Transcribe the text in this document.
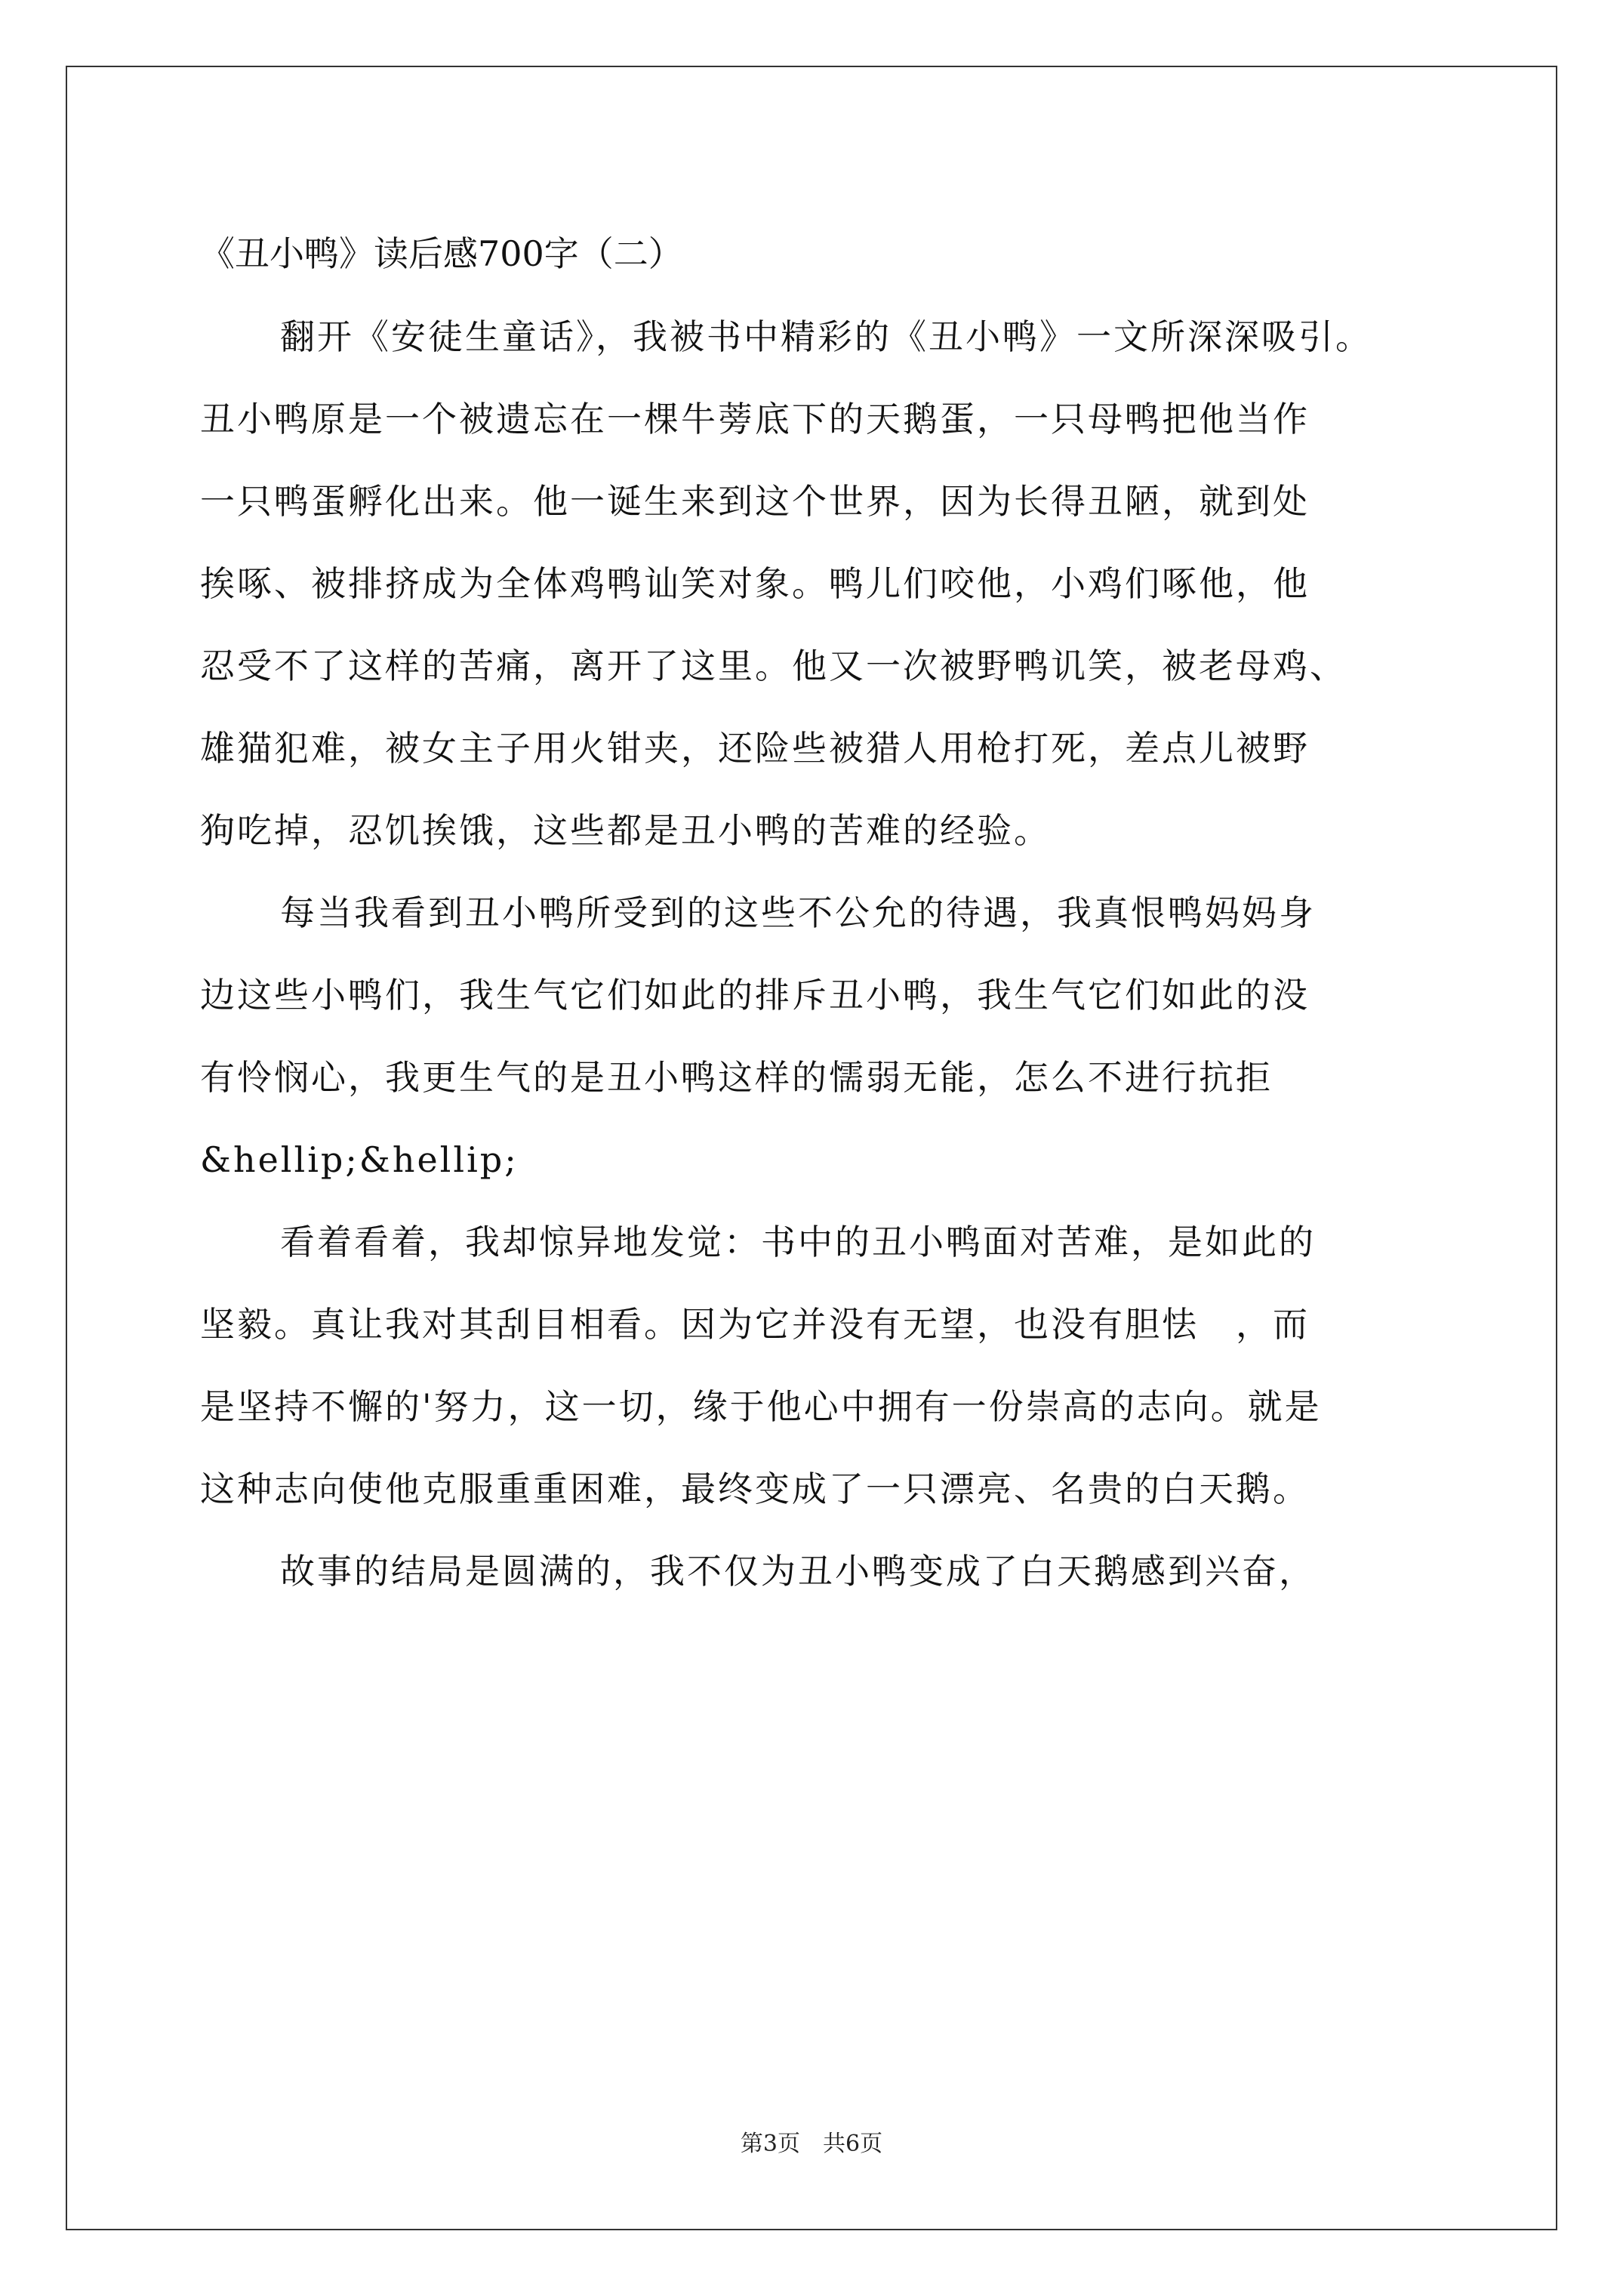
《丑小鸭》读后感700字（二）

翻开《安徒生童话》，我被书中精彩的《丑小鸭》一文所深深吸引。

丑小鸭原是一个被遗忘在一棵牛蒡底下的天鹅蛋，一只母鸭把他当作

一只鸭蛋孵化出来。他一诞生来到这个世界，因为长得丑陋，就到处

挨啄、被排挤成为全体鸡鸭讪笑对象。鸭儿们咬他，小鸡们啄他，他

忍受不了这样的苦痛，离开了这里。他又一次被野鸭讥笑，被老母鸡、

雄猫犯难，被女主子用火钳夹，还险些被猎人用枪打死，差点儿被野

狗吃掉，忍饥挨饿，这些都是丑小鸭的苦难的经验。

每当我看到丑小鸭所受到的这些不公允的待遇，我真恨鸭妈妈身

边这些小鸭们，我生气它们如此的排斥丑小鸭，我生气它们如此的没

有怜悯心，我更生气的是丑小鸭这样的懦弱无能，怎么不进行抗拒

&hellip;&hellip;

看着看着，我却惊异地发觉：书中的丑小鸭面对苦难，是如此的

坚毅。真让我对其刮目相看。因为它并没有无望，也没有胆怯　，而

是坚持不懈的'努力，这一切，缘于他心中拥有一份崇高的志向。就是

这种志向使他克服重重困难，最终变成了一只漂亮、名贵的白天鹅。

故事的结局是圆满的，我不仅为丑小鸭变成了白天鹅感到兴奋，

第3页　共6页
